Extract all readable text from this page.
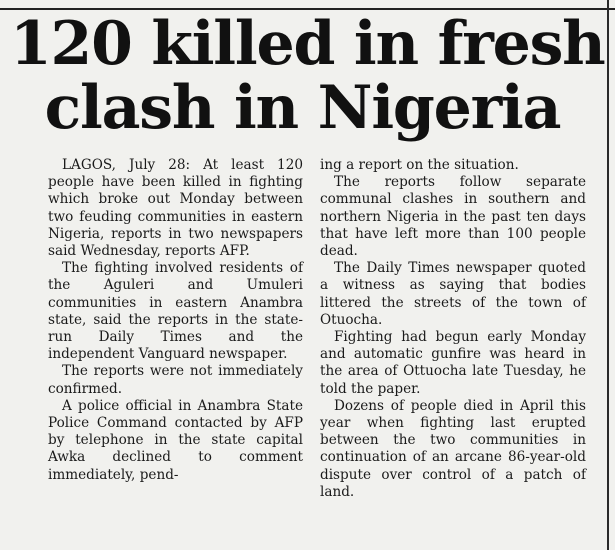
120 killed in fresh
clash in Nigeria

LAGOS, July 28: At least 120 people have been killed in fighting which broke out Monday between two feuding communities in eastern Nigeria, reports in two newspapers said Wednesday, reports AFP.

The fighting involved residents of the Aguleri and Umuleri communities in eastern Anambra state, said the reports in the state-run Daily Times and the independent Vanguard newspaper.

The reports were not immediately confirmed.

A police official in Anambra State Police Command contacted by AFP by telephone in the state capital Awka declined to comment immediately, pend-

ing a report on the situation.

The reports follow separate communal clashes in southern and northern Nigeria in the past ten days that have left more than 100 people dead.

The Daily Times newspaper quoted a witness as saying that bodies littered the streets of the town of Otuocha.

Fighting had begun early Monday and automatic gunfire was heard in the area of Ottuocha late Tuesday, he told the paper.

Dozens of people died in April this year when fighting last erupted between the two communities in continuation of an arcane 86-year-old dispute over control of a patch of land.
